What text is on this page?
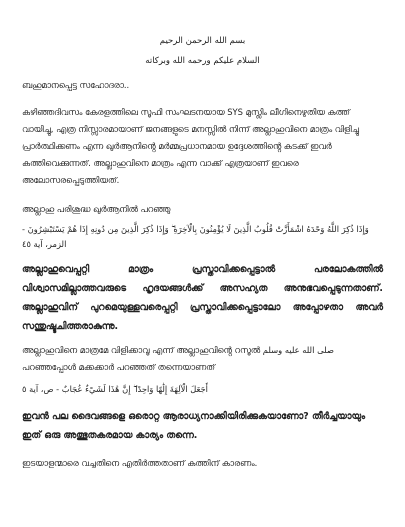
بسم الله الرحمن الرحيم

السلام عليكم ورحمه الله وبركاته

ബഹുമാനപ്പെട്ട സഹോദരാ..

കഴിഞ്ഞദിവസം കേരളത്തിലെ സൂഫി സംഘടനയായ SYS മുസ്ലിം ലീഗിനെഴുതിയ കത്ത് വായിച്ചു, എത്ര നിസ്സാരമായാണ് ജനങ്ങളുടെ മനസ്സിൽ നിന്ന് അല്ലാഹുവിനെ മാത്രം വിളിച്ചു പ്രാർത്ഥിക്കണം എന്ന ഖുർആനിൻ്റെ മർമ്മപ്രധാനമായ ഉദ്ദേശത്തിൻ്റെ കടക്ക് ഇവർ കത്തിവെക്കുന്നത്. അല്ലാഹുവിനെ മാത്രം എന്ന വാക്ക് എത്രയാണ് ഇവരെ അലോസരപ്പെടുത്തിയത്.

അല്ലാഹു പരിശുദ്ധ ഖുർആനിൽ പറഞ്ഞു

وَإِذَا ذُكِرَ اللَّهُ وَحْدَهُ اشْمَأَزَّتْ قُلُوبُ الَّذِينَ لَا يُؤْمِنُونَ بِالْآخِرَةِ ۖ وَإِذَا ذُكِرَ الَّذِينَ مِن دُونِهِ إِذَا هُمْ يَسْتَبْشِرُونَ - الزمر، آية ٤٥

അല്ലാഹുവെപ്പറ്റി മാത്രം പ്രസ്താവിക്കപ്പെട്ടാൽ പരലോകത്തിൽ വിശ്വാസമില്ലാത്തവരുടെ ഹൃദയങ്ങൾക്ക് അസഹ്യത അനുഭവപ്പെടുന്നതാണ്. അല്ലാഹുവിന് പുറമെയുള്ളവരെപ്പറ്റി പ്രസ്താവിക്കപ്പെട്ടാലോ അപ്പോഴതാ അവർ സന്തുഷ്ടചിത്തരാകുന്നു.

അല്ലാഹുവിനെ മാത്രമേ വിളിക്കാവൂ എന്ന് അല്ലാഹുവിൻ്റെ റസൂൽ صلى الله عليه وسلم പറഞ്ഞപ്പോൾ മക്കക്കാർ പറഞ്ഞത് തന്നെയാണത്

أَجَعَلَ الْآلِهَةَ إِلَٰهًا وَاحِدًا ۖ إِنَّ هَٰذَا لَشَيْءٌ عُجَابٌ - ص، آية ٥

ഇവൻ പല ദൈവങ്ങളെ ഒരൊറ്റ ആരാധ്യനാക്കിയിരിക്കുകയാണോ? തീർച്ചയായും ഇത് ഒരു അത്ഭുതകരമായ കാര്യം തന്നെ.

ഇടയാളന്മാരെ വച്ചതിനെ എതിർത്തതാണ് കത്തിന് കാരണം.
